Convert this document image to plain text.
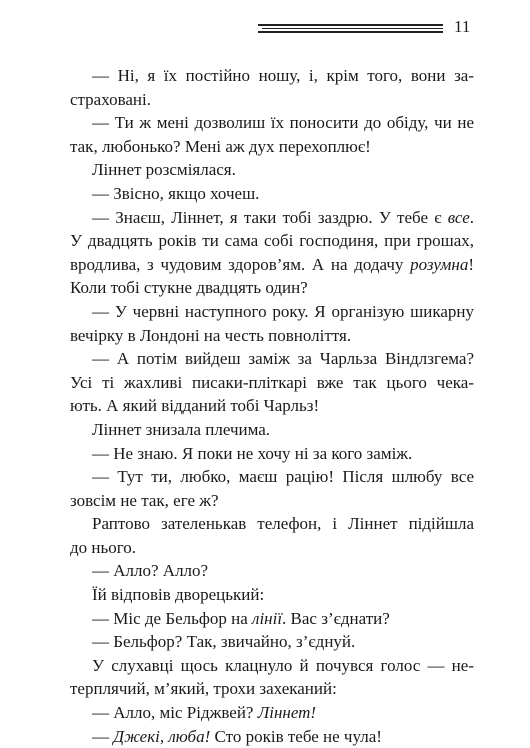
11
— Ні, я їх постійно ношу, і, крім того, вони за-
страховані.
— Ти ж мені дозволиш їх поносити до обіду, чи не
так, любонько? Мені аж дух перехоплює!
Ліннет розсміялася.
— Звісно, якщо хочеш.
— Знаєш, Ліннет, я таки тобі заздрю. У тебе є все.
У двадцять років ти сама собі господиня, при грошах,
вродлива, з чудовим здоров’ям. А на додачу розумна!
Коли тобі стукне двадцять один?
— У червні наступного року. Я організую шикарну
вечірку в Лондоні на честь повноліття.
— А потім вийдеш заміж за Чарльза Віндлзгема?
Усі ті жахливі писаки-пліткарі вже так цього чека-
ють. А який відданий тобі Чарльз!
Ліннет знизала плечима.
— Не знаю. Я поки не хочу ні за кого заміж.
— Тут ти, любко, маєш рацію! Після шлюбу все
зовсім не так, еге ж?
Раптово зателенькав телефон, і Ліннет підійшла
до нього.
— Алло? Алло?
Їй відповів дворецький:
— Міс де Бельфор на лінії. Вас з’єднати?
— Бельфор? Так, звичайно, з’єднуй.
У слухавці щось клацнуло й почувся голос — не-
терплячий, м’який, трохи захеканий:
— Алло, міс Ріджвей? Ліннет!
— Джекі, люба! Сто років тебе не чула!
